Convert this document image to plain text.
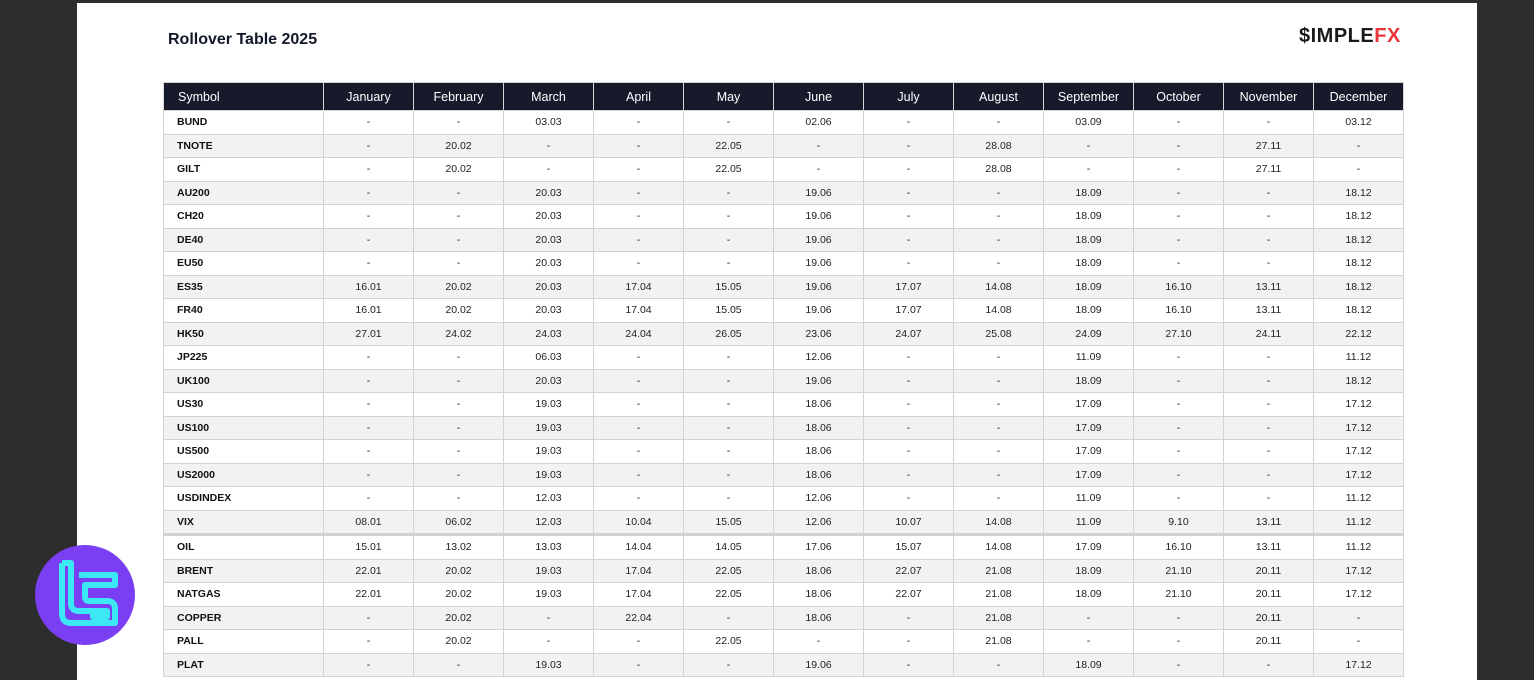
Rollover Table 2025	$IMPLEFX
Symbol	January	February	March	April	May	June	July	August	September	October	November	December
BUND	-	-	03.03	-	-	02.06	-	-	03.09	-	-	03.12
TNOTE	-	20.02	-	-	22.05	-	-	28.08	-	-	27.11	-
GILT	-	20.02	-	-	22.05	-	-	28.08	-	-	27.11	-
AU200	-	-	20.03	-	-	19.06	-	-	18.09	-	-	18.12
CH20	-	-	20.03	-	-	19.06	-	-	18.09	-	-	18.12
DE40	-	-	20.03	-	-	19.06	-	-	18.09	-	-	18.12
EU50	-	-	20.03	-	-	19.06	-	-	18.09	-	-	18.12
ES35	16.01	20.02	20.03	17.04	15.05	19.06	17.07	14.08	18.09	16.10	13.11	18.12
FR40	16.01	20.02	20.03	17.04	15.05	19.06	17.07	14.08	18.09	16.10	13.11	18.12
HK50	27.01	24.02	24.03	24.04	26.05	23.06	24.07	25.08	24.09	27.10	24.11	22.12
JP225	-	-	06.03	-	-	12.06	-	-	11.09	-	-	11.12
UK100	-	-	20.03	-	-	19.06	-	-	18.09	-	-	18.12
US30	-	-	19.03	-	-	18.06	-	-	17.09	-	-	17.12
US100	-	-	19.03	-	-	18.06	-	-	17.09	-	-	17.12
US500	-	-	19.03	-	-	18.06	-	-	17.09	-	-	17.12
US2000	-	-	19.03	-	-	18.06	-	-	17.09	-	-	17.12
USDINDEX	-	-	12.03	-	-	12.06	-	-	11.09	-	-	11.12
VIX	08.01	06.02	12.03	10.04	15.05	12.06	10.07	14.08	11.09	9.10	13.11	11.12
OIL	15.01	13.02	13.03	14.04	14.05	17.06	15.07	14.08	17.09	16.10	13.11	11.12
BRENT	22.01	20.02	19.03	17.04	22.05	18.06	22.07	21.08	18.09	21.10	20.11	17.12
NATGAS	22.01	20.02	19.03	17.04	22.05	18.06	22.07	21.08	18.09	21.10	20.11	17.12
COPPER	-	20.02	-	22.04	-	18.06	-	21.08	-	-	20.11	-
PALL	-	20.02	-	-	22.05	-	-	21.08	-	-	20.11	-
PLAT	-	-	19.03	-	-	19.06	-	-	18.09	-	-	17.12
